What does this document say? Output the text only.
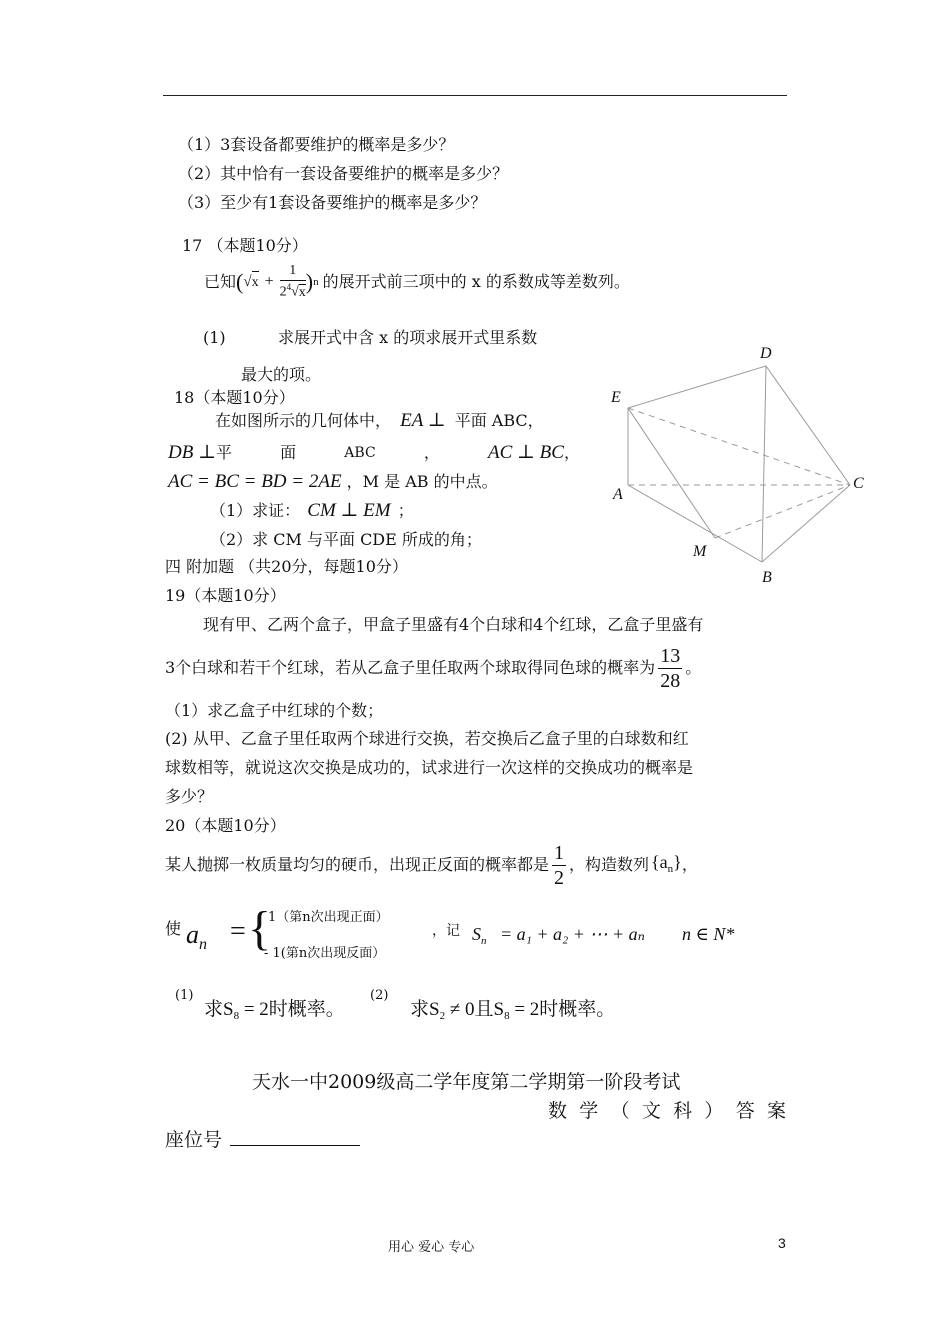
（1）3套设备都要维护的概率是多少？
（2）其中恰有一套设备要维护的概率是多少？
（3）至少有1套设备要维护的概率是多少？
17 （本题10分）
已知 ( √ $x + \frac{1}{2^4√x}$ ) n 的展开式前三项中的 x 的系数成等差数列。
(1)	求展开式中含 x 的项求展开式里系数
最大的项。
18（本题10分）
在如图所示的几何体中， EA ⊥ 平面 ABC，
DB ⊥ 平	面	ABC	，	AC ⊥ BC，
AC = BC = BD = 2AE ，M 是 AB 的中点。
（1）求证： CM ⊥ EM ；
（2）求 CM 与平面 CDE 所成的角；
D
E
C
A
M
B
四 附加题 （共20分，每题10分）
19（本题10分）
现有甲、乙两个盒子，甲盒子里盛有4个白球和4个红球，乙盒子里盛有
3个白球和若干个红球，若从乙盒子里任取两个球取得同色球的概率为 $\frac{13}{28}$ 。
（1）求乙盒子中红球的个数；
(2) 从甲、乙盒子里任取两个球进行交换，若交换后乙盒子里的白球数和红
球数相等，就说这次交换是成功的，试求进行一次这样的交换成功的概率是
多少？
20（本题10分）
某人抛掷一枚质量均匀的硬币，出现正反面的概率都是 $\frac{1}{2}$ ，构造数列 $\{a_n\}$ ，
使 $a_n$ = {
1（第n次出现正面）
- 1(第n次出现反面）
，记 $S_n = a_1 + a_2$ + ⋯ + aₙ n ∈ N*
(1)
求$S_8 = 2$时概率。
(2)
求$S_2 \ne 0$且$S_8 = 2$时概率。
天水一中2009级高二学年度第二学期第一阶段考试
数 学 （ 文 科 ） 答 案
座位号
用心 爱心 专心	3
